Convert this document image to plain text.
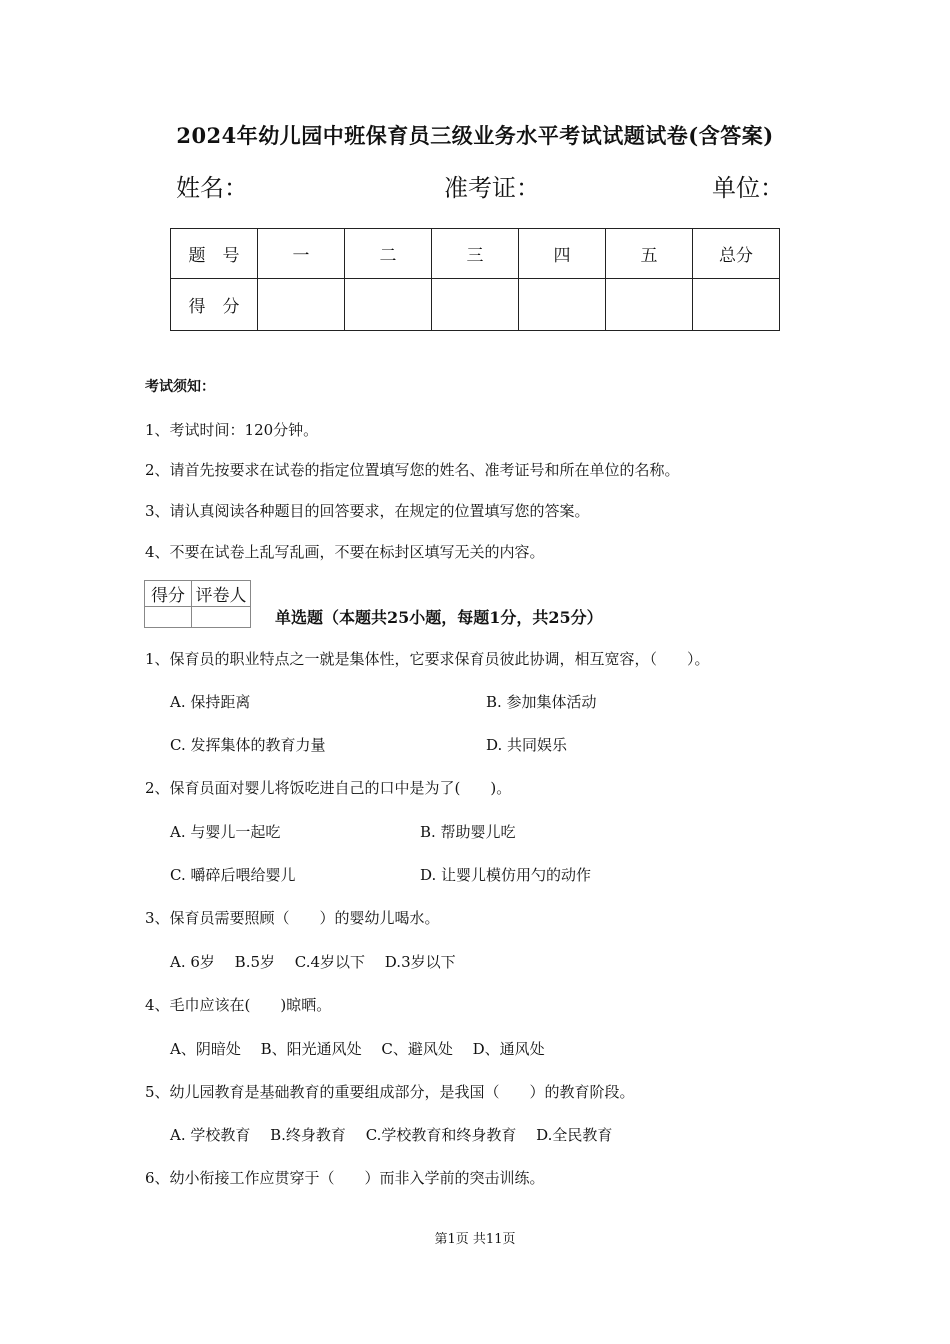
2024年幼儿园中班保育员三级业务水平考试试题试卷(含答案)
姓名：	准考证：	单位：
题　号	一	二	三	四	五	总分
得　分						
考试须知：
1、考试时间：120分钟。
2、请首先按要求在试卷的指定位置填写您的姓名、准考证号和所在单位的名称。
3、请认真阅读各种题目的回答要求，在规定的位置填写您的答案。
4、不要在试卷上乱写乱画，不要在标封区填写无关的内容。
得分	评卷人

单选题（本题共25小题，每题1分，共25分）
1、保育员的职业特点之一就是集体性，它要求保育员彼此协调，相互宽容，（　　）。
A. 保持距离	B. 参加集体活动
C. 发挥集体的教育力量	D. 共同娱乐
2、保育员面对婴儿将饭吃进自己的口中是为了(　　)。
A. 与婴儿一起吃	B. 帮助婴儿吃
C. 嚼碎后喂给婴儿	D. 让婴儿模仿用勺的动作
3、保育员需要照顾（　　）的婴幼儿喝水。
A. 6岁　 B.5岁　 C.4岁以下　 D.3岁以下
4、毛巾应该在(　　)晾晒。
A、阴暗处　 B、阳光通风处　 C、避风处　 D、通风处
5、幼儿园教育是基础教育的重要组成部分，是我国（　　）的教育阶段。
A. 学校教育　 B.终身教育　 C.学校教育和终身教育　 D.全民教育
6、幼小衔接工作应贯穿于（　　）而非入学前的突击训练。
第1页 共11页
